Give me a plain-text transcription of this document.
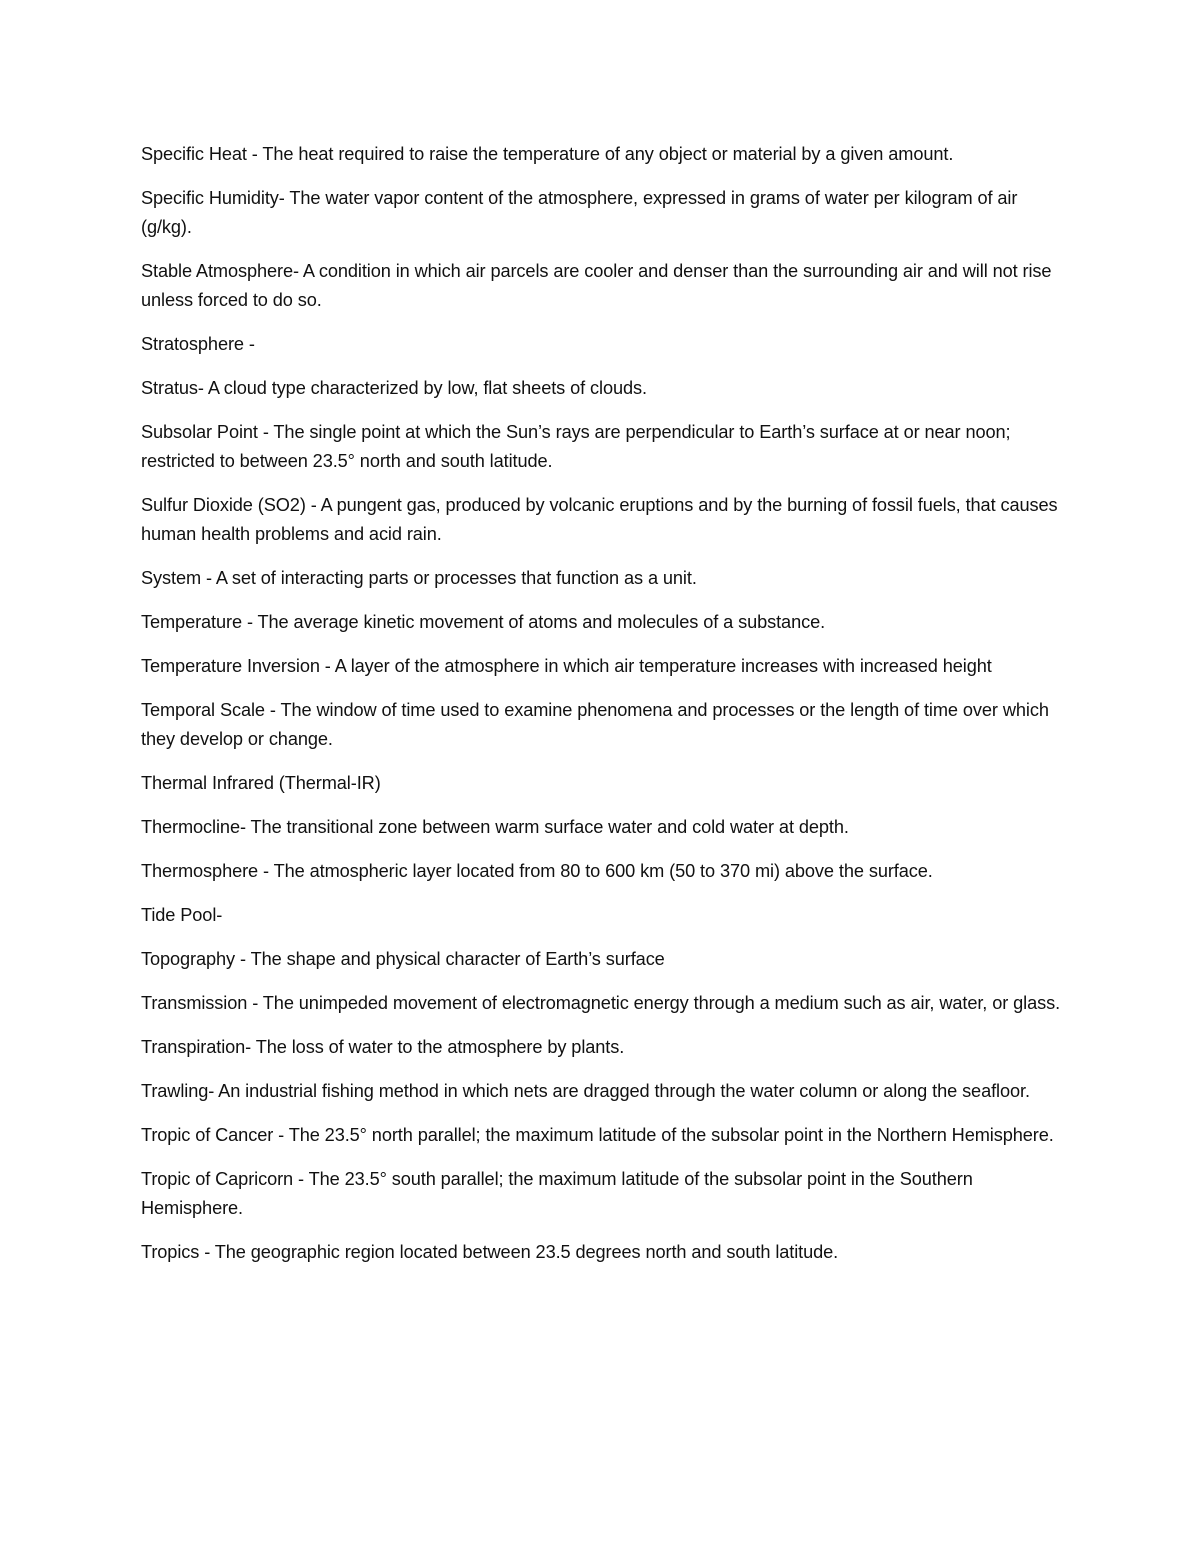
Specific Heat - The heat required to raise the temperature of any object or material by a given amount.

Specific Humidity- The water vapor content of the atmosphere, expressed in grams of water per kilogram of air (g/kg).

Stable Atmosphere- A condition in which air parcels are cooler and denser than the surrounding air and will not rise unless forced to do so.

Stratosphere -

Stratus- A cloud type characterized by low, flat sheets of clouds.

Subsolar Point - The single point at which the Sun’s rays are perpendicular to Earth’s surface at or near noon; restricted to between 23.5° north and south latitude.

Sulfur Dioxide (SO2) - A pungent gas, produced by volcanic eruptions and by the burning of fossil fuels, that causes human health problems and acid rain.

System - A set of interacting parts or processes that function as a unit.

Temperature - The average kinetic movement of atoms and molecules of a substance.

Temperature Inversion - A layer of the atmosphere in which air temperature increases with increased height

Temporal Scale - The window of time used to examine phenomena and processes or the length of time over which they develop or change.

Thermal Infrared (Thermal-IR)

Thermocline- The transitional zone between warm surface water and cold water at depth.

Thermosphere - The atmospheric layer located from 80 to 600 km (50 to 370 mi) above the surface.

Tide Pool-

Topography - The shape and physical character of Earth’s surface

Transmission - The unimpeded movement of electromagnetic energy through a medium such as air, water, or glass.

Transpiration- The loss of water to the atmosphere by plants.

Trawling- An industrial fishing method in which nets are dragged through the water column or along the seafloor.

Tropic of Cancer - The 23.5° north parallel; the maximum latitude of the subsolar point in the Northern Hemisphere.

Tropic of Capricorn - The 23.5° south parallel; the maximum latitude of the subsolar point in the Southern Hemisphere.

Tropics - The geographic region located between 23.5 degrees north and south latitude.
